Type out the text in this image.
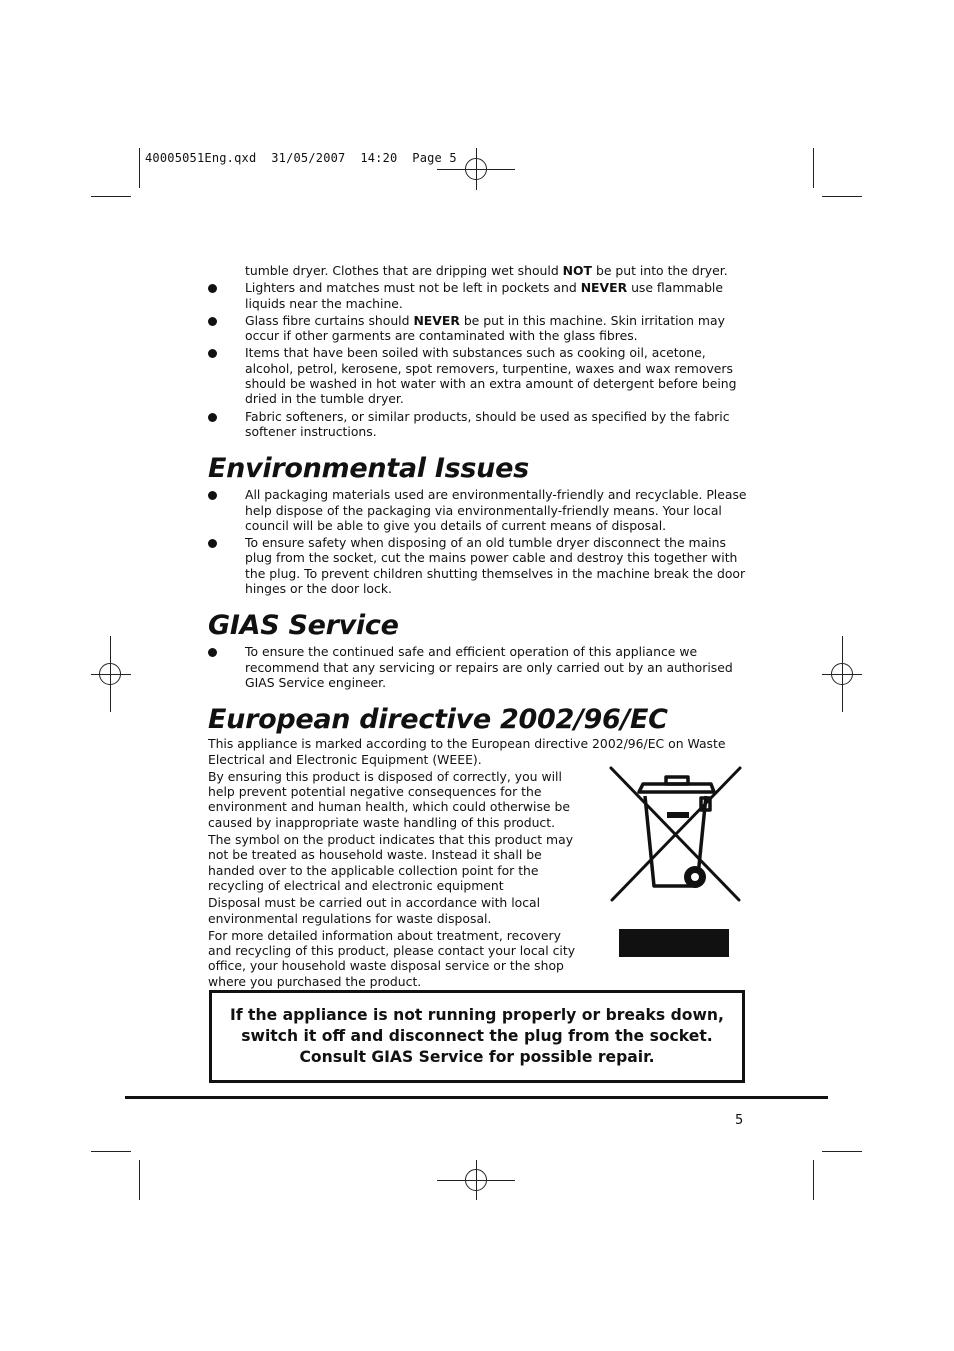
40005051Eng.qxd  31/05/2007  14:20  Page 5
tumble dryer. Clothes that are dripping wet should NOT be put into the dryer.
Lighters and matches must not be left in pockets and NEVER use flammable liquids near the machine.
Glass fibre curtains should NEVER be put in this machine. Skin irritation may occur if other garments are contaminated with the glass fibres.
Items that have been soiled with substances such as cooking oil, acetone, alcohol, petrol, kerosene, spot removers, turpentine, waxes and wax removers should be washed in hot water with an extra amount of detergent before being dried in the tumble dryer.
Fabric softeners, or similar products, should be used as specified by the fabric softener instructions.
Environmental Issues
All packaging materials used are environmentally-friendly and recyclable. Please help dispose of the packaging via environmentally-friendly means. Your local council will be able to give you details of current means of disposal.
To ensure safety when disposing of an old tumble dryer disconnect the mains plug from the socket, cut the mains power cable and destroy this together with the plug. To prevent children shutting themselves in the machine break the door hinges or the door lock.
GIAS Service
To ensure the continued safe and efficient operation of this appliance we recommend that any servicing or repairs are only carried out by an authorised GIAS Service engineer.
European directive 2002/96/EC
This appliance is marked according to the European directive 2002/96/EC on Waste Electrical and Electronic Equipment (WEEE).

By ensuring this product is disposed of correctly, you will help prevent potential negative consequences for the environment and human health, which could otherwise be caused by inappropriate waste handling of this product.

The symbol on the product indicates that this product may not be treated as household waste. Instead it shall be handed over to the applicable collection point for the recycling of electrical and electronic equipment

Disposal must be carried out in accordance with local environmental regulations for waste disposal.

For more detailed information about treatment, recovery and recycling of this product, please contact your local city office, your household waste disposal service or the shop where you purchased the product.

If the appliance is not running properly or breaks down,
switch it off and disconnect the plug from the socket.
Consult GIAS Service for possible repair.
5
